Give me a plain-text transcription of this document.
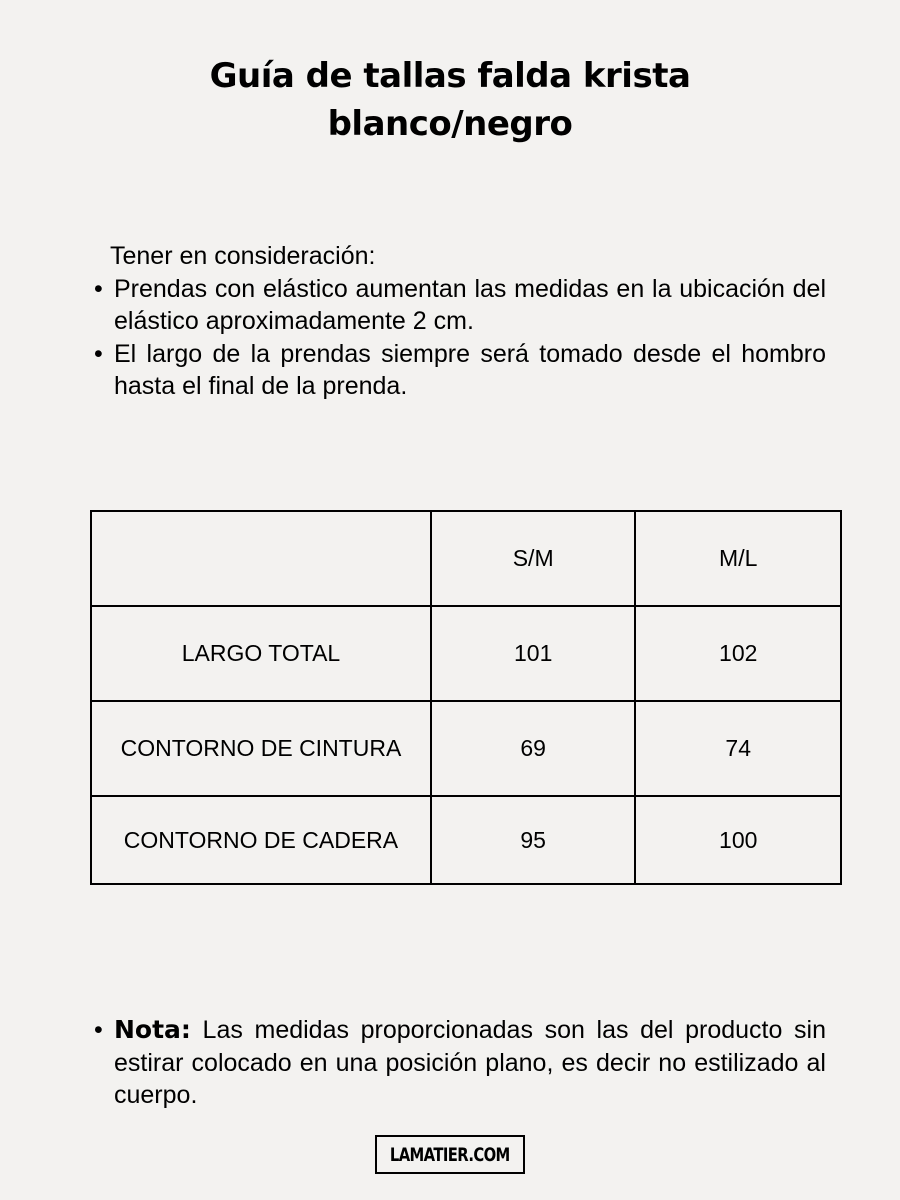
Guía de tallas falda krista
blanco/negro

Tener en consideración:

• Prendas con elástico aumentan las medidas en la ubicación del elástico aproximadamente 2 cm.
• El largo de la prendas siempre será tomado desde el hombro hasta el final de la prenda.
	S/M	M/L
LARGO TOTAL	101	102
CONTORNO DE CINTURA	69	74
CONTORNO DE CADERA	95	100

• Nota: Las medidas proporcionadas son las del producto sin estirar colocado en una posición plano, es decir no estilizado al cuerpo.

LAMATIER.COM
